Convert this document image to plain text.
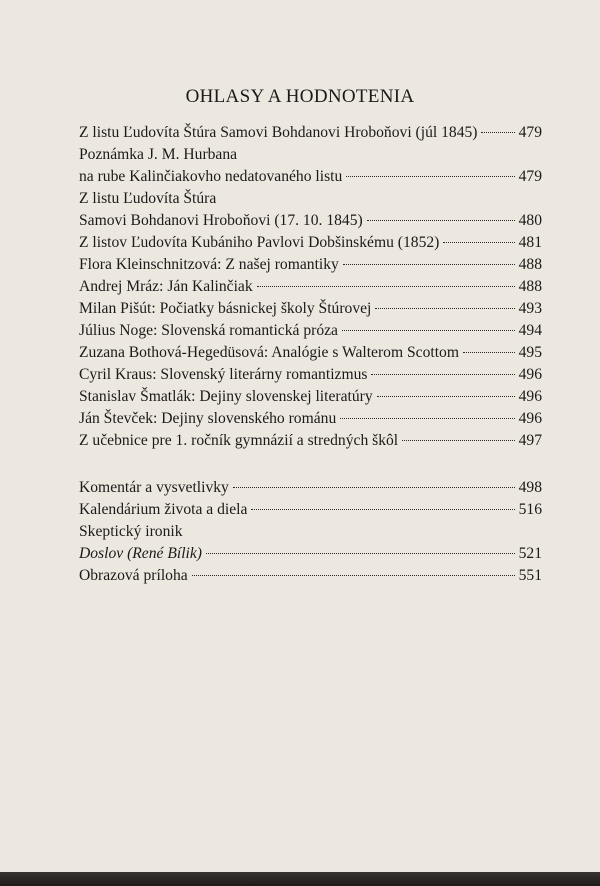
OHLASY A HODNOTENIA
Z listu Ľudovíta Štúra Samovi Bohdanovi Hroboňovi (júl 1845)	479
Poznámka J. M. Hurbana
na rube Kalinčiakovho nedatovaného listu	479
Z listu Ľudovíta Štúra
Samovi Bohdanovi Hroboňovi (17. 10. 1845)	480
Z listov Ľudovíta Kubániho Pavlovi Dobšinskému (1852)	481
Flora Kleinschnitzová: Z našej romantiky	488
Andrej Mráz: Ján Kalinčiak	488
Milan Pišút: Počiatky básnickej školy Štúrovej	493
Július Noge: Slovenská romantická próza	494
Zuzana Bothová-Hegedüsová: Analógie s Walterom Scottom	495
Cyril Kraus: Slovenský literárny romantizmus	496
Stanislav Šmatlák: Dejiny slovenskej literatúry	496
Ján Števček: Dejiny slovenského románu	496
Z učebnice pre 1. ročník gymnázií a stredných škôl	497
Komentár a vysvetlivky	498
Kalendárium života a diela	516
Skeptický ironik
Doslov (René Bílik)	521
Obrazová príloha	551
